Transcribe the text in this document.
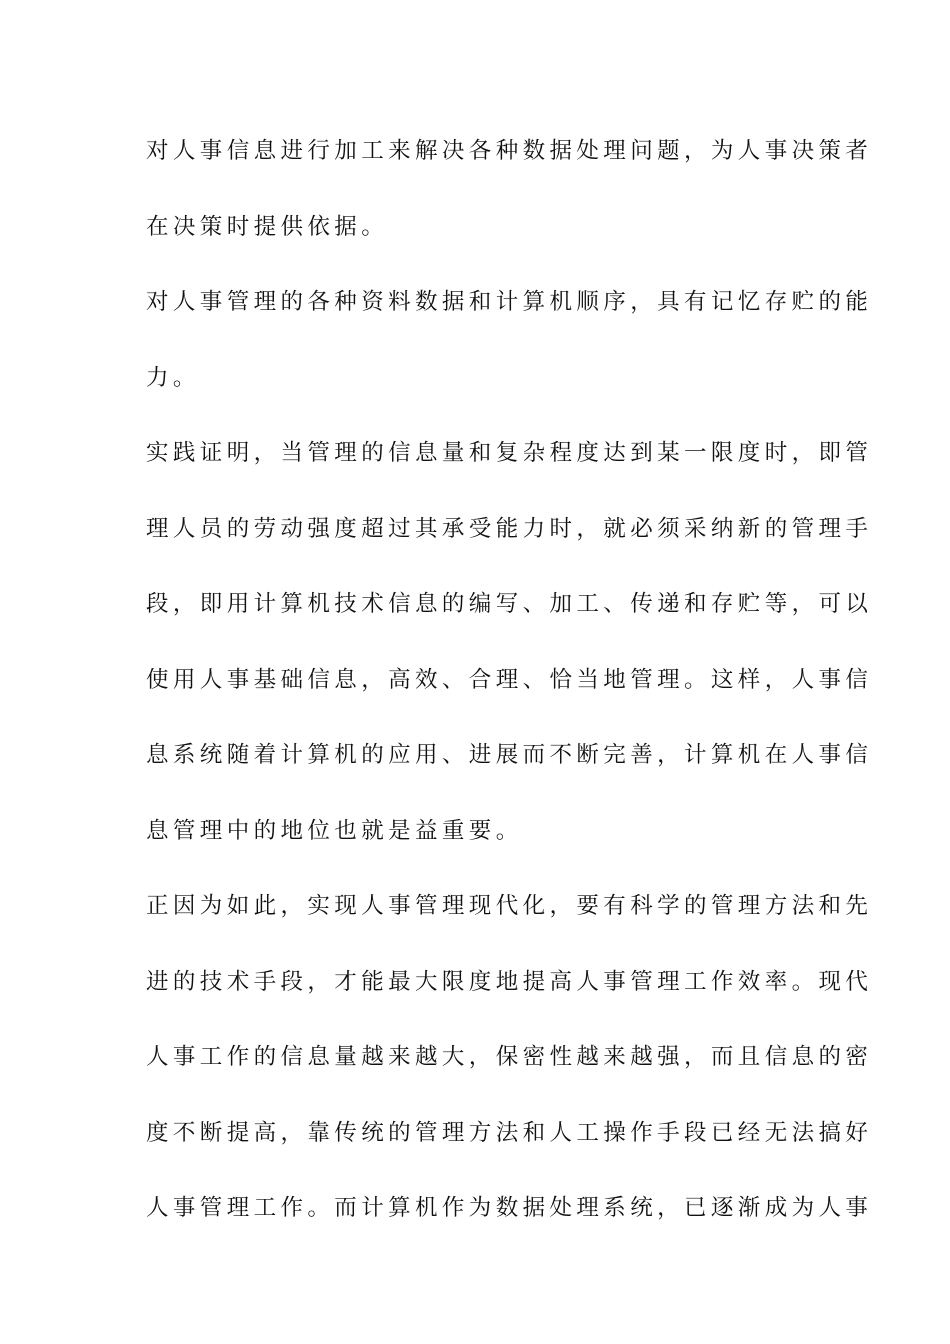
对人事信息进行加工来解决各种数据处理问题，为人事决策者
在决策时提供依据。

对人事管理的各种资料数据和计算机顺序，具有记忆存贮的能
力。

实践证明，当管理的信息量和复杂程度达到某一限度时，即管
理人员的劳动强度超过其承受能力时，就必须采纳新的管理手
段，即用计算机技术信息的编写、加工、传递和存贮等，可以
使用人事基础信息，高效、合理、恰当地管理。这样，人事信
息系统随着计算机的应用、进展而不断完善，计算机在人事信
息管理中的地位也就是益重要。

正因为如此，实现人事管理现代化，要有科学的管理方法和先
进的技术手段，才能最大限度地提高人事管理工作效率。现代
人事工作的信息量越来越大，保密性越来越强，而且信息的密
度不断提高，靠传统的管理方法和人工操作手段已经无法搞好
人事管理工作。而计算机作为数据处理系统，已逐渐成为人事
